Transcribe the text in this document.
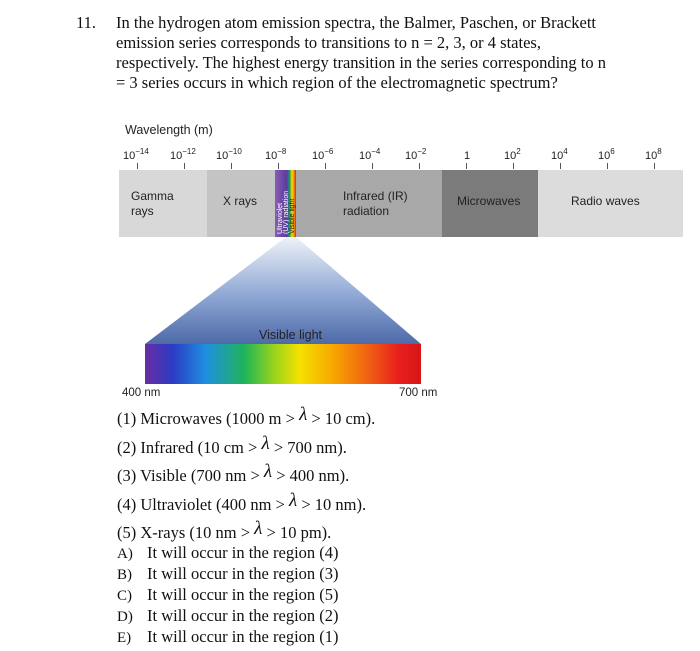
11. In the hydrogen atom emission spectra, the Balmer, Paschen, or Brackett emission series corresponds to transitions to n = 2, 3, or 4 states, respectively. The highest energy transition in the series corresponding to n = 3 series occurs in which region of the electromagnetic spectrum?
Wavelength (m)
$10^{-14}$ $10^{-12}$ $10^{-10}$ $10^{-8}$ $10^{-6}$ $10^{-4}$ $10^{-2}$	1	$10^2$	$10^4$	$10^6$	$10^8$
Gamma
rays
X rays	Infrared (IR)
radiation
Microwaves	Radio waves
Ultraviolet (UV) radiation Visible light
Visible light
400 nm	700 nm
(1) Microwaves (1000 m > λ > 10 cm).
(2) Infrared (10 cm > λ > 700 nm).
(3) Visible (700 nm > λ > 400 nm).
(4) Ultraviolet (400 nm > λ > 10 nm).
(5) X-rays (10 nm > λ > 10 pm).
A) It will occur in the region (4)
B) It will occur in the region (3)
C) It will occur in the region (5)
D) It will occur in the region (2)
E) It will occur in the region (1)
